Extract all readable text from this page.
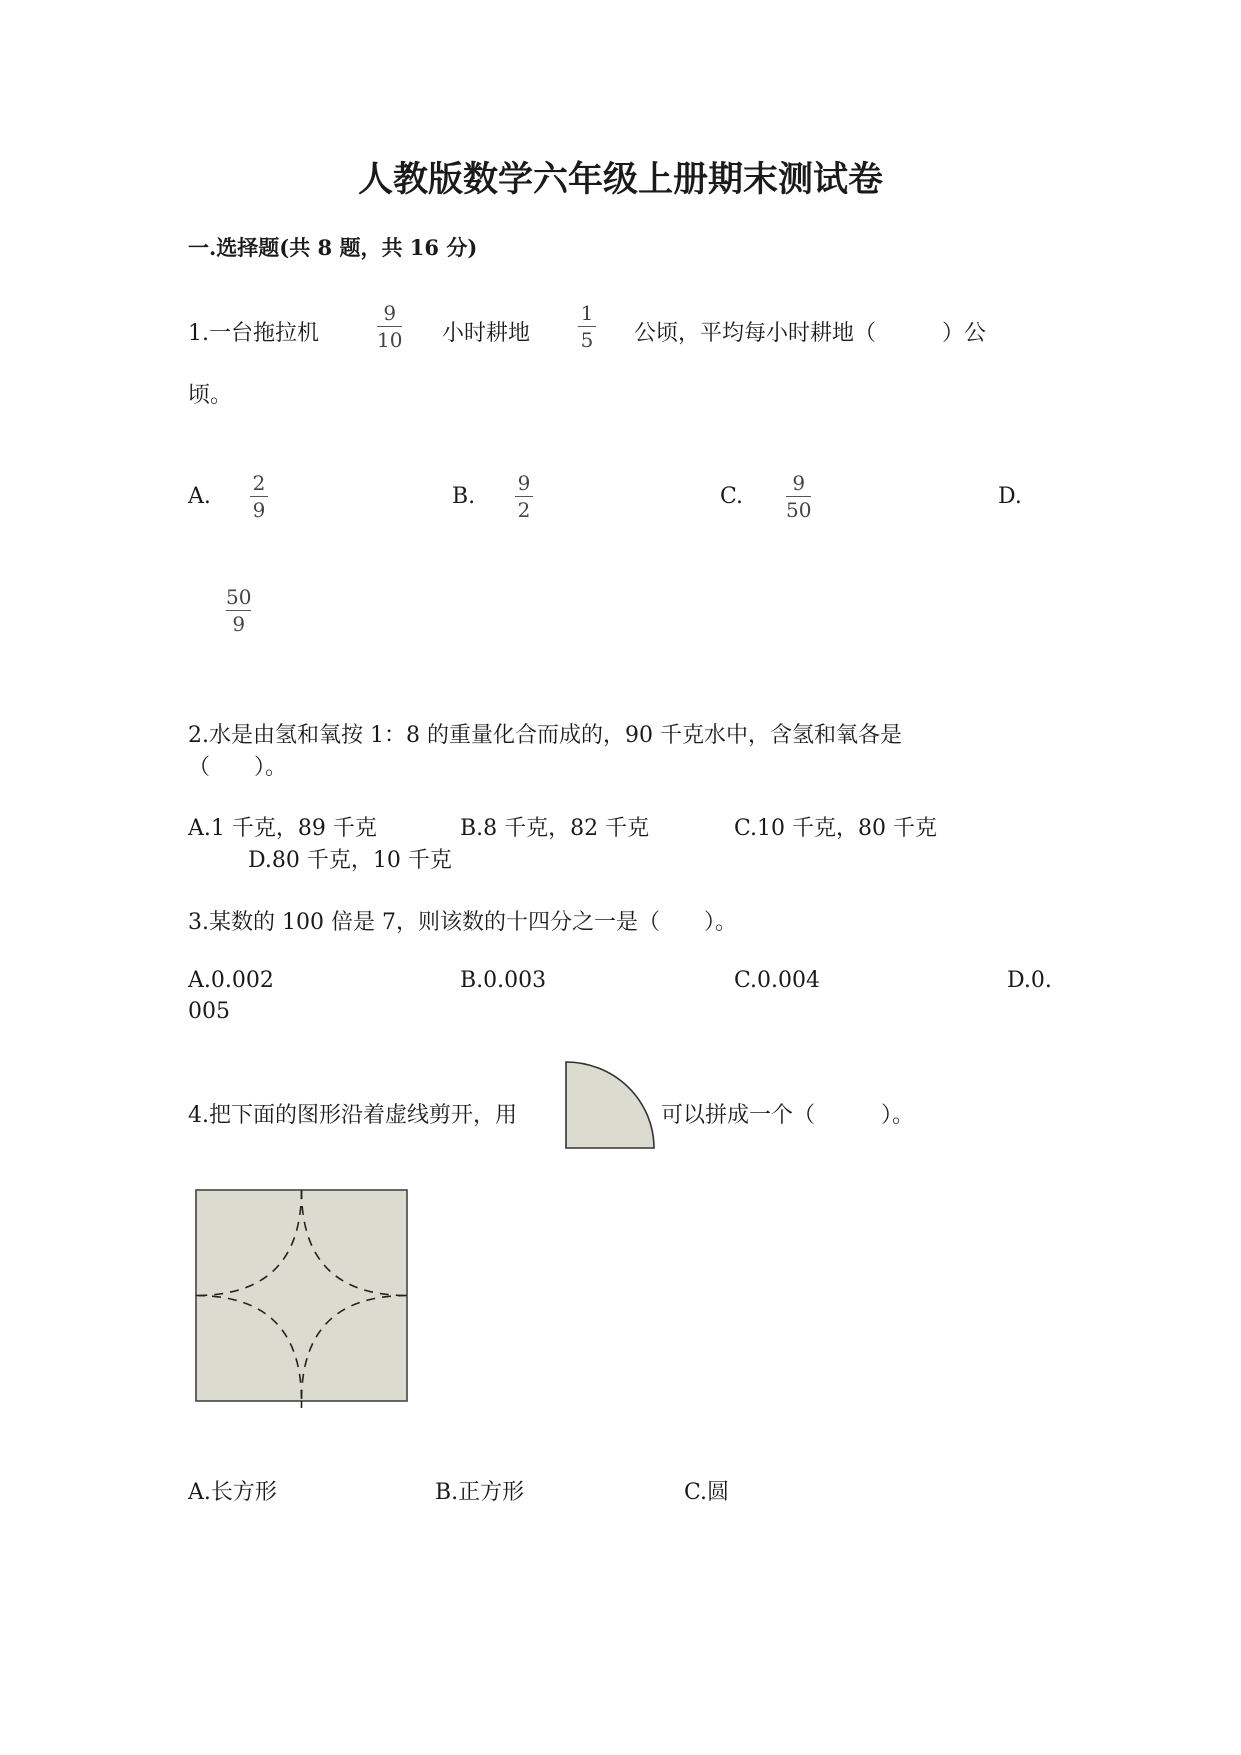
人教版数学六年级上册期末测试卷
一.选择题(共 8 题，共 16 分)
1.一台拖拉机
9
10 小时耕地
1
5 公顷，平均每小时耕地（　　　）公
顷。
A.
2
9
B.
9
2
C.
9
50
D.
50
9
2.水是由氢和氧按 1：8 的重量化合而成的，90 千克水中，含氢和氧各是
（　　）。
A.1 千克，89 千克	B.8 千克，82 千克	C.10 千克，80 千克
D.80 千克，10 千克
3.某数的 100 倍是 7，则该数的十四分之一是（　　）。
A.0.002	B.0.003	C.0.004	D.0.
005
4.把下面的图形沿着虚线剪开，用	可以拼成一个（　　　）。
A.长方形	B.正方形	C.圆
